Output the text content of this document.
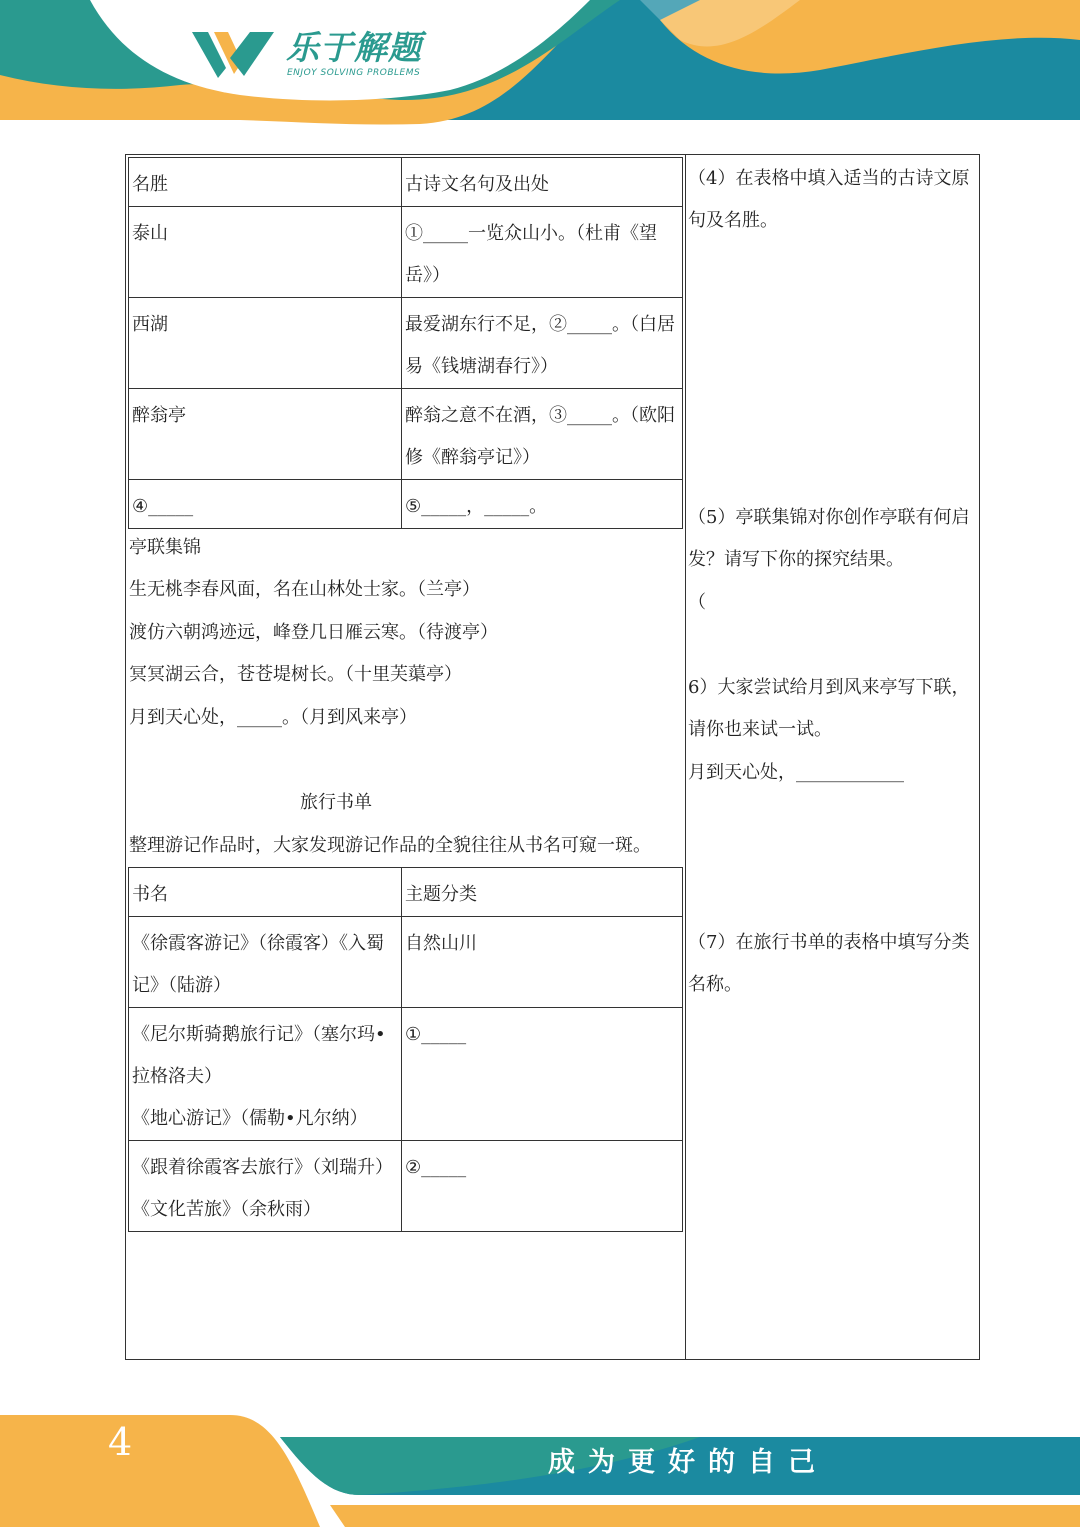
乐于解题
ENJOY SOLVING PROBLEMS
名胜	古诗文名句及出处
泰山	①_____一览众山小。（杜甫《望岳》）
西湖	最爱湖东行不足，②_____。（白居易《钱塘湖春行》）
醉翁亭	醉翁之意不在酒，③_____。（欧阳修《醉翁亭记》）
④_____	⑤_____，_____。
亭联集锦
生无桃李春风面，名在山林处士家。（兰亭）
渡仿六朝鸿迹远，峰登几日雁云寒。（待渡亭）
冥冥湖云合，苍苍堤树长。（十里芙蕖亭）
月到天心处，_____。（月到风来亭）
旅行书单
整理游记作品时，大家发现游记作品的全貌往往从书名可窥一斑。
书名	主题分类
《徐霞客游记》（徐霞客）《入蜀记》（陆游）	自然山川

《尼尔斯骑鹅旅行记》（塞尔玛•拉格洛夫）
《地心游记》（儒勒•凡尔纳）	①_____

《跟着徐霞客去旅行》（刘瑞升）
《文化苦旅》（余秋雨）	②_____
（4）在表格中填入适当的古诗文原句及名胜。
（5）亭联集锦对你创作亭联有何启发？请写下你的探究结果。
（
6）大家尝试给月到风来亭写下联，请你也来试一试。
月到天心处，____________
（7）在旅行书单的表格中填写分类名称。
4	成为更好的自己
